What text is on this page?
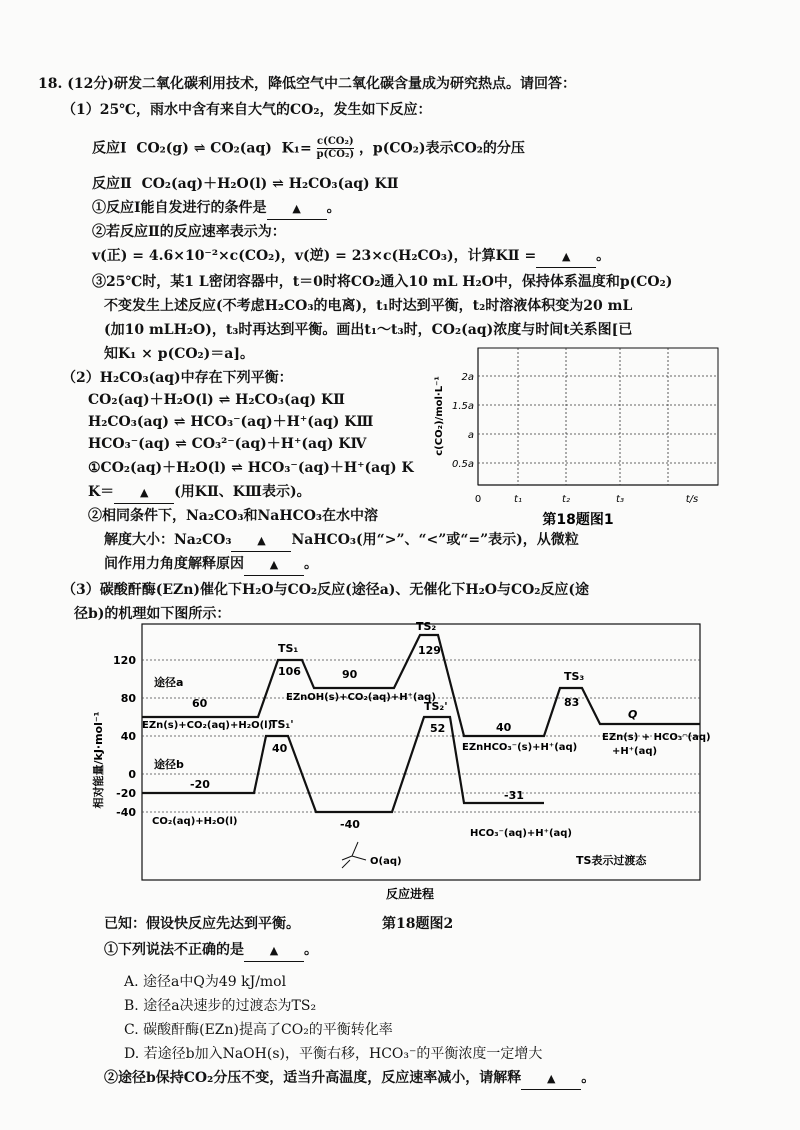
18. (12分)研发二氧化碳利用技术，降低空气中二氧化碳含量成为研究热点。请回答：
（1）25℃，雨水中含有来自大气的CO₂，发生如下反应：
反应Ⅰ CO₂(g) ⇌ CO₂(aq) $K_1= \frac{\text{c(CO₂)}}{\text{p(CO₂)}}$ ，p(CO₂)表示CO₂的分压
反应Ⅱ CO₂(aq)＋H₂O(l) ⇌ H₂CO₃(aq) KⅡ
①反应Ⅰ能自发进行的条件是 ▲ 。
②若反应Ⅱ的反应速率表示为：
v(正) = 4.6×10⁻²×c(CO₂)，v(逆) = 23×c(H₂CO₃)，计算KⅡ = ▲ 。
③25℃时，某1 L密闭容器中，t＝0时将CO₂通入10 mL H₂O中，保持体系温度和p(CO₂)
不变发生上述反应(不考虑H₂CO₃的电离)，t₁时达到平衡，t₂时溶液体积变为20 mL
(加10 mLH₂O)，t₃时再达到平衡。画出t₁～t₃时，CO₂(aq)浓度与时间t关系图[已
知K₁ × p(CO₂)＝a]。
c(CO₂)/mol·L⁻¹ 2a
1.5a
a
0.5a
0	t₁	t₂	t₃	t/s
第18题图1
（2）H₂CO₃(aq)中存在下列平衡：
CO₂(aq)＋H₂O(l) ⇌ H₂CO₃(aq) KⅡ
H₂CO₃(aq) ⇌ HCO₃⁻(aq)＋H⁺(aq) KⅢ
HCO₃⁻(aq) ⇌ CO₃²⁻(aq)＋H⁺(aq) KⅣ
①CO₂(aq)＋H₂O(l) ⇌ HCO₃⁻(aq)＋H⁺(aq) K
K＝ ▲ (用KⅡ、KⅢ表示)。
②相同条件下，Na₂CO₃和NaHCO₃在水中溶
解度大小：Na₂CO₃ ▲ NaHCO₃(用“>”、“<”或“=”表示)，从微粒
间作用力角度解释原因 ▲ 。
（3）碳酸酐酶(EZn)催化下H₂O与CO₂反应(途径a)、无催化下H₂O与CO₂反应(途
径b)的机理如下图所示：
相对能量/kJ·mol⁻¹
120
80
40
0
-20
-40
途径a
60
EZn(s)+CO₂(aq)+H₂O(l)
TS₁
106	90
EZnOH(s)+CO₂(aq)+H⁺(aq)
TS₂
129
40
EZnHCO₃⁻(s)+H⁺(aq)
TS₃
83
Q
EZn(s) + HCO₃⁻(aq)
+H⁺(aq)
途径b
-20
CO₂(aq)+H₂O(l)
TS₁'
40
-40
TS₂'
52
-31
HCO₃⁻(aq)+H⁺(aq)
O(aq)	TS表示过渡态
反应进程
已知：假设快反应先达到平衡。	第18题图2
①下列说法不正确的是 ▲ 。
A. 途径a中Q为49 kJ/mol
B. 途径a决速步的过渡态为TS₂
C. 碳酸酐酶(EZn)提高了CO₂的平衡转化率
D. 若途径b加入NaOH(s)，平衡右移，HCO₃⁻的平衡浓度一定增大
②途径b保持CO₂分压不变，适当升高温度，反应速率减小，请解释 ▲ 。
